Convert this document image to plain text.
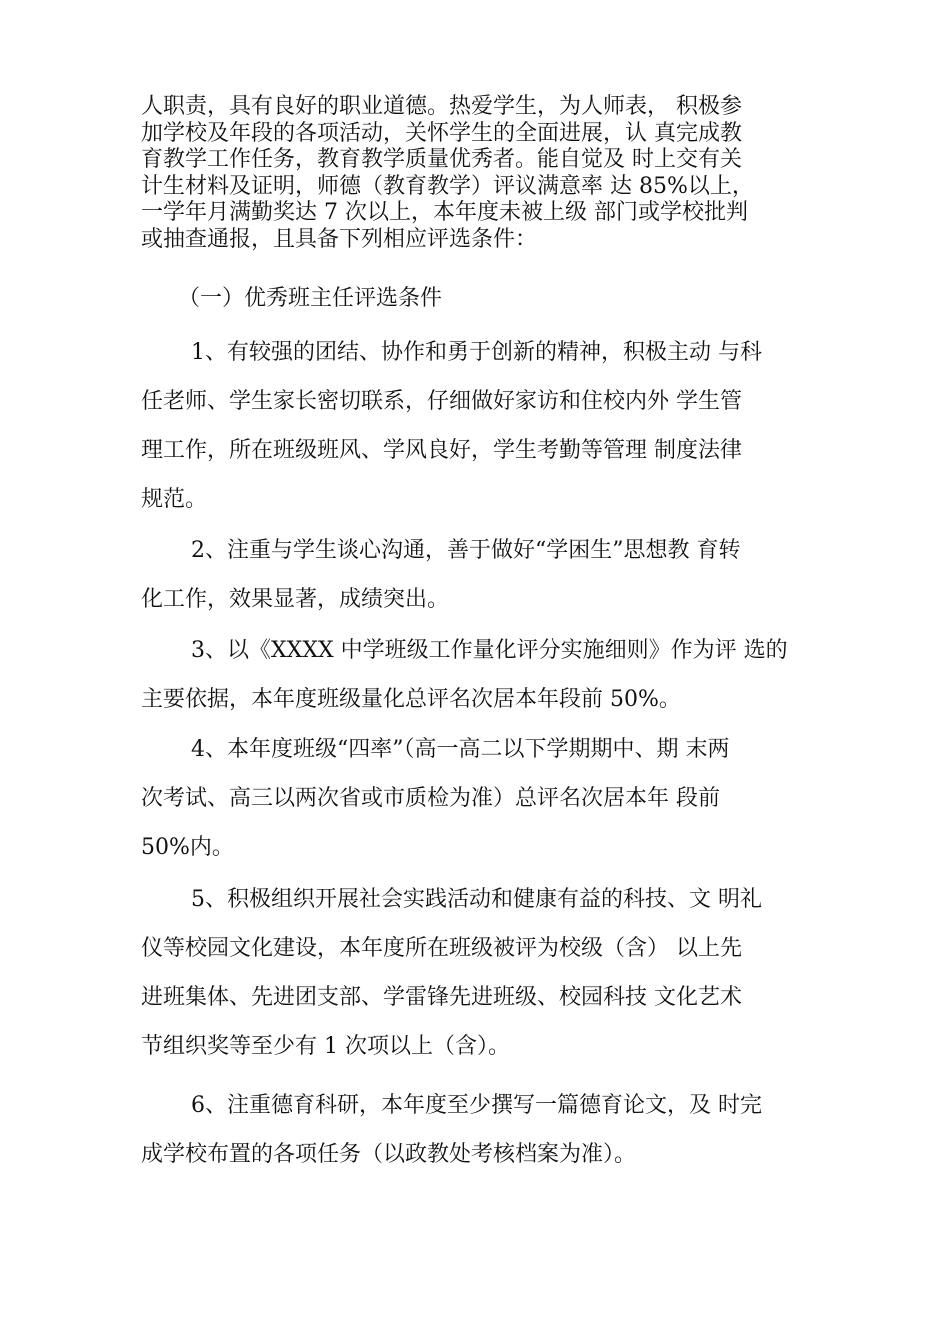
人职责，具有良好的职业道德。热爱学生，为人师表， 积极参
加学校及年段的各项活动，关怀学生的全面进展，认 真完成教
育教学工作任务，教育教学质量优秀者。能自觉及 时上交有关
计生材料及证明，师德（教育教学）评议满意率 达 85%以上，
一学年月满勤奖达 7 次以上，本年度未被上级 部门或学校批判
或抽查通报，且具备下列相应评选条件：

（一）优秀班主任评选条件

1、有较强的团结、协作和勇于创新的精神，积极主动 与科
任老师、学生家长密切联系，仔细做好家访和住校内外 学生管
理工作，所在班级班风、学风良好，学生考勤等管理 制度法律
规范。

2、注重与学生谈心沟通，善于做好“学困生”思想教 育转
化工作，效果显著，成绩突出。

3、以《XXXX 中学班级工作量化评分实施细则》作为评 选的
主要依据，本年度班级量化总评名次居本年段前 50%。

4、本年度班级“四率”（高一高二以下学期期中、期 末两
次考试、高三以两次省或市质检为准）总评名次居本年 段前
50%内。

5、积极组织开展社会实践活动和健康有益的科技、文 明礼
仪等校园文化建设，本年度所在班级被评为校级（含） 以上先
进班集体、先进团支部、学雷锋先进班级、校园科技 文化艺术
节组织奖等至少有 1 次项以上（含）。

6、注重德育科研，本年度至少撰写一篇德育论文，及 时完
成学校布置的各项任务（以政教处考核档案为准）。
